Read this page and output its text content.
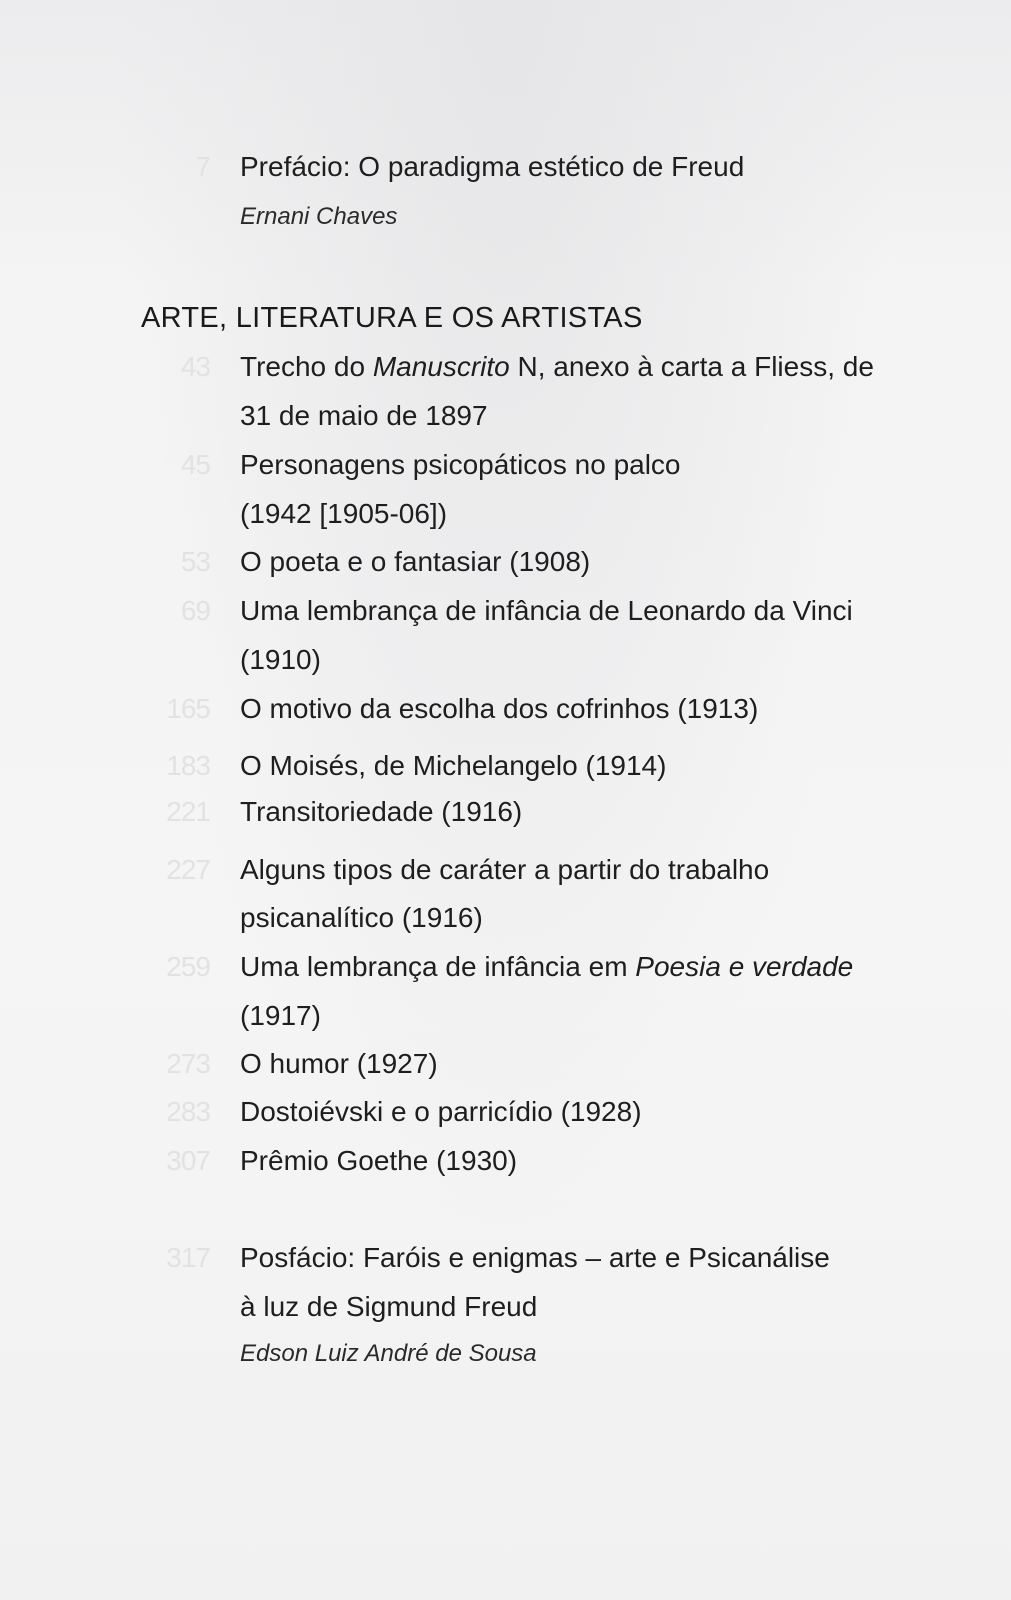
7 Prefácio: O paradigma estético de Freud
Ernani Chaves
ARTE, LITERATURA E OS ARTISTAS
43 Trecho do Manuscrito N, anexo à carta a Fliess, de
31 de maio de 1897
45 Personagens psicopáticos no palco
(1942 [1905-06])
53 O poeta e o fantasiar (1908)
69 Uma lembrança de infância de Leonardo da Vinci
(1910)
165 O motivo da escolha dos cofrinhos (1913)
183 O Moisés, de Michelangelo (1914)
221 Transitoriedade (1916)
227 Alguns tipos de caráter a partir do trabalho
psicanalítico (1916)
259 Uma lembrança de infância em Poesia e verdade
(1917)
273 O humor (1927)
283 Dostoiévski e o parricídio (1928)
307 Prêmio Goethe (1930)
317 Posfácio: Faróis e enigmas – arte e Psicanálise
à luz de Sigmund Freud
Edson Luiz André de Sousa
